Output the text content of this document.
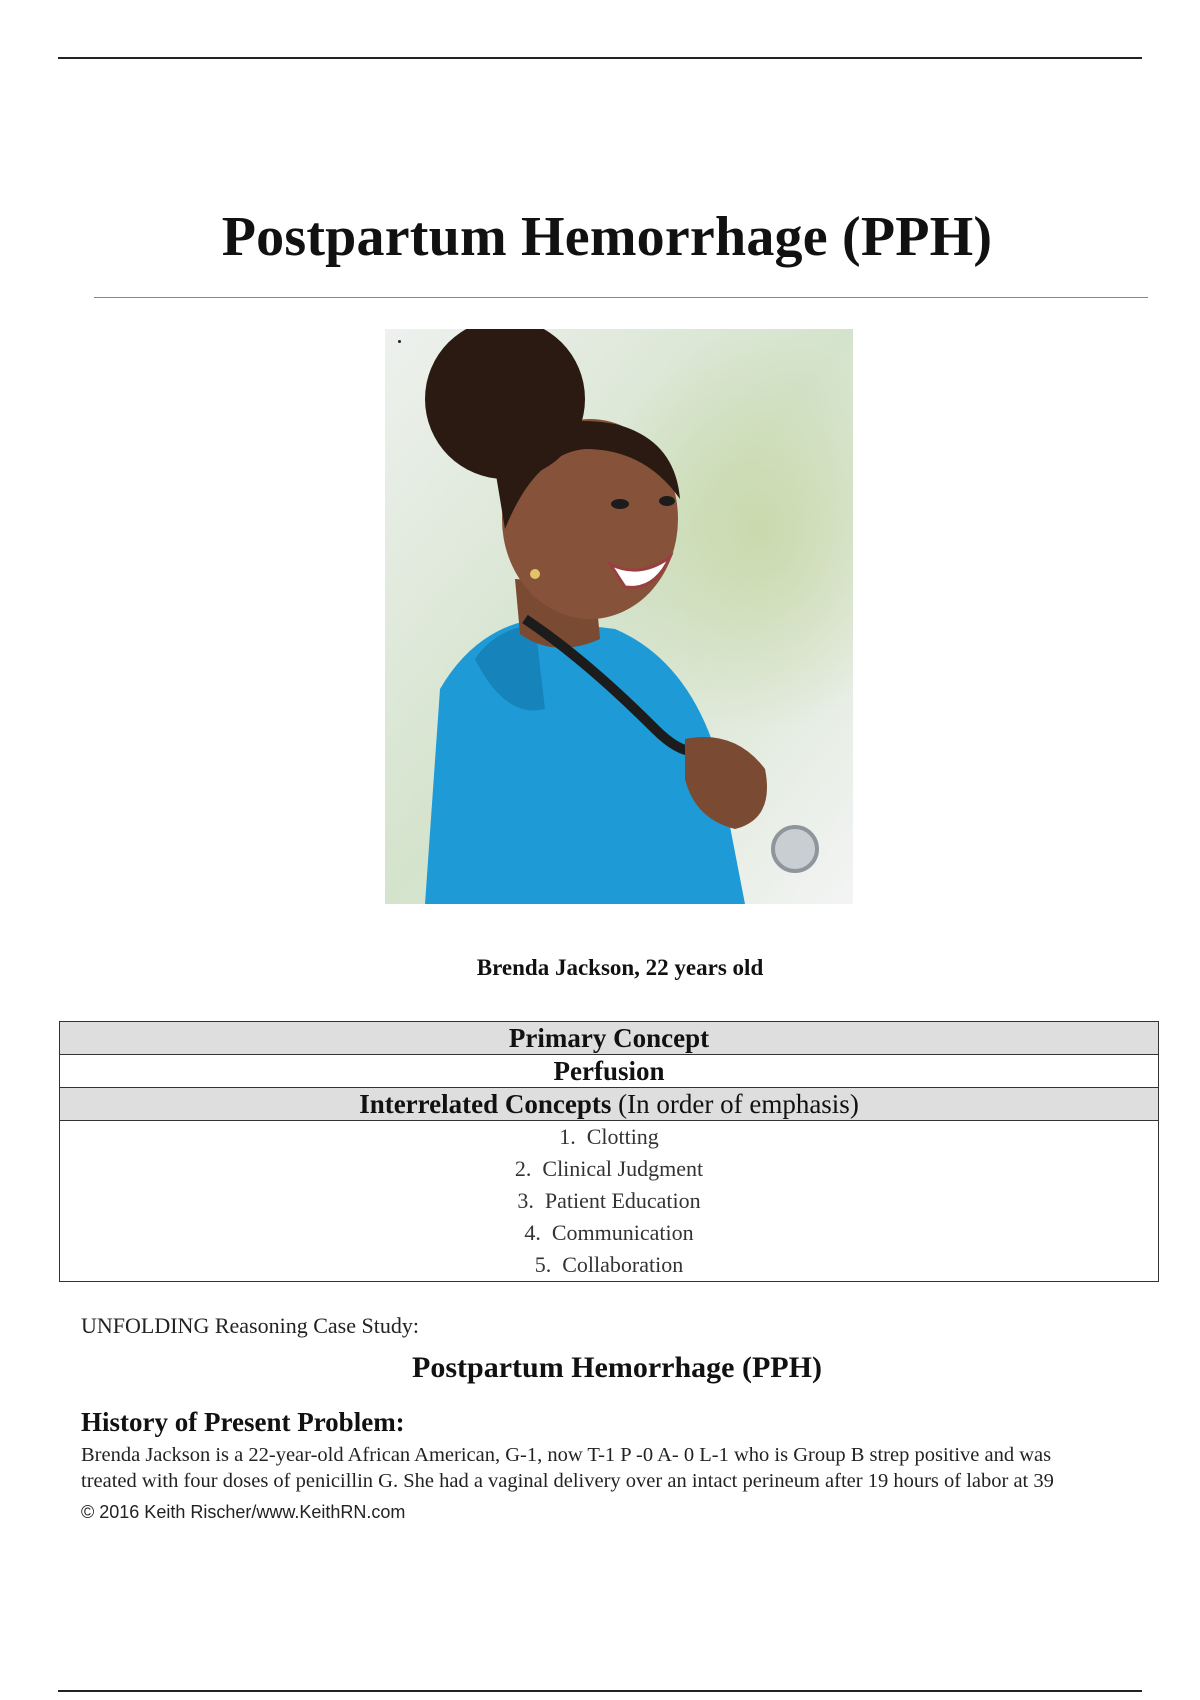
Postpartum Hemorrhage (PPH)
Brenda Jackson, 22 years old
Primary Concept
Perfusion
Interrelated Concepts (In order of emphasis)

1. Clotting
2. Clinical Judgment
3. Patient Education
4. Communication
5. Collaboration
UNFOLDING Reasoning Case Study:
Postpartum Hemorrhage (PPH)
History of Present Problem:
Brenda Jackson is a 22-year-old African American, G-1, now T-1 P -0 A- 0 L-1 who is Group B strep positive and was
treated with four doses of penicillin G. She had a vaginal delivery over an intact perineum after 19 hours of labor at 39
© 2016 Keith Rischer/www.KeithRN.com
